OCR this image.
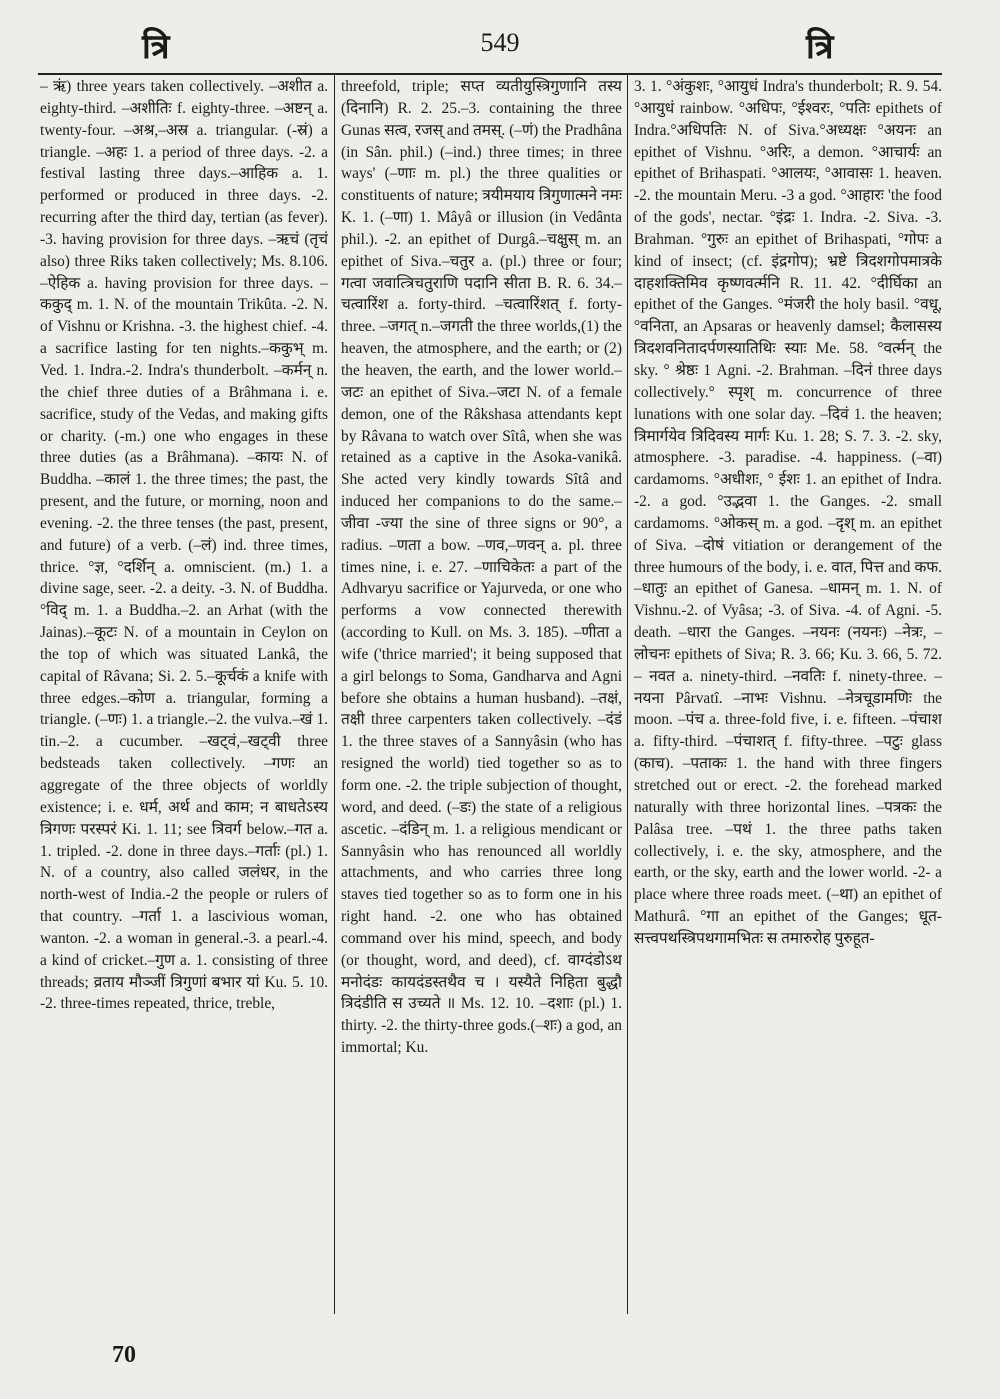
त्रि	549	त्रि

– ऋं) three years taken collectively. –अशीत a. eighty-third. –अशीतिः f. eighty-three. –अष्टन् a. twenty-four. –अश्र,–अस्र a. triangular. (-स्रं) a triangle. –अहः 1. a period of three days. -2. a festival lasting three days.–आहिक a. 1. performed or produced in three days. -2. recurring after the third day, tertian (as fever). -3. having provision for three days. –ऋचं (तृचं also) three Riks taken collectively; Ms. 8.106. –ऐहिक a. having provision for three days. –ककुद् m. 1. N. of the mountain Trikûta. -2. N. of Vishnu or Krishna. -3. the highest chief. -4. a sacrifice lasting for ten nights.–ककुभ् m. Ved. 1. Indra.-2. Indra's thunderbolt. –कर्मन् n. the chief three duties of a Brâhmana i. e. sacrifice, study of the Vedas, and making gifts or charity. (-m.) one who engages in these three duties (as a Brâhmana). –कायः N. of Buddha. –कालं 1. the three times; the past, the present, and the future, or morning, noon and evening. -2. the three tenses (the past, present, and future) of a verb. (–लं) ind. three times, thrice. °ज्ञ, °दर्शिन् a. omniscient. (m.) 1. a divine sage, seer. -2. a deity. -3. N. of Buddha. °विद् m. 1. a Buddha.–2. an Arhat (with the Jainas).–कूटः N. of a mountain in Ceylon on the top of which was situated Lankâ, the capital of Râvana; Si. 2. 5.–कूर्चकं a knife with three edges.–कोण a. triangular, forming a triangle. (–णः) 1. a triangle.–2. the vulva.–खं 1. tin.–2. a cucumber. –खट्वं,–खट्वी three bedsteads taken collectively. –गणः an aggregate of the three objects of worldly existence; i. e. धर्म, अर्थ and काम; न बाधतेऽस्य त्रिगणः परस्परं Ki. 1. 11; see त्रिवर्ग below.–गत a. 1. tripled. -2. done in three days.–गर्ताः (pl.) 1. N. of a country, also called जलंधर, in the north-west of India.-2 the people or rulers of that country. –गर्ता 1. a lascivious woman, wanton. -2. a woman in general.-3. a pearl.-4. a kind of cricket.–गुण a. 1. consisting of three threads; व्रताय मौञ्जीं त्रिगुणां बभार यां Ku. 5. 10. -2. three-times repeated, thrice, treble,

threefold, triple; सप्त व्यतीयुस्त्रिगुणानि तस्य (दिनानि) R. 2. 25.–3. containing the three Gunas सत्व, रजस् and तमस्. (–णं) the Pradhâna (in Sân. phil.) (–ind.) three times; in three ways' (–णाः m. pl.) the three qualities or constituents of nature; त्रयीमयाय त्रिगुणात्मने नमः K. 1. (–णा) 1. Mâyâ or illusion (in Vedânta phil.). -2. an epithet of Durgâ.–चक्षुस् m. an epithet of Siva.–चतुर a. (pl.) three or four; गत्वा जवात्त्रिचतुराणि पदानि सीता B. R. 6. 34.–चत्वारिंश a. forty-third. –चत्वारिंशत् f. forty-three. –जगत् n.–जगती the three worlds,(1) the heaven, the atmosphere, and the earth; or (2) the heaven, the earth, and the lower world.–जटः an epithet of Siva.–जटा N. of a female demon, one of the Râkshasa attendants kept by Râvana to watch over Sîtâ, when she was retained as a captive in the Asoka-vanikâ. She acted very kindly towards Sîtâ and induced her companions to do the same.–जीवा -ज्या the sine of three signs or 90°, a radius. –णता a bow. –णव,–णवन् a. pl. three times nine, i. e. 27. –णाचिकेतः a part of the Adhvaryu sacrifice or Yajurveda, or one who performs a vow connected therewith (according to Kull. on Ms. 3. 185). –णीता a wife ('thrice married'; it being supposed that a girl belongs to Soma, Gandharva and Agni before she obtains a human husband). –तक्षं, तक्षी three carpenters taken collectively. –दंडं 1. the three staves of a Sannyâsin (who has resigned the world) tied together so as to form one. -2. the triple subjection of thought, word, and deed. (–डः) the state of a religious ascetic. –दंडिन् m. 1. a religious mendicant or Sannyâsin who has renounced all worldly attachments, and who carries three long staves tied together so as to form one in his right hand. -2. one who has obtained command over his mind, speech, and body (or thought, word, and deed), cf. वाग्दंडोऽथ मनोदंडः कायदंडस्तथैव च । यस्यैते निहिता बुद्धौ त्रिदंडीति स उच्यते ॥ Ms. 12. 10. –दशाः (pl.) 1. thirty. -2. the thirty-three gods.(–शः) a god, an immortal; Ku.

3. 1. °अंकुशः, °आयुधं Indra's thunderbolt; R. 9. 54. °आयुधं rainbow. °अधिपः, °ईश्वरः, °पतिः epithets of Indra.°अधिपतिः N. of Siva.°अध्यक्षः °अयनः an epithet of Vishnu. °अरिः, a demon. °आचार्यः an epithet of Brihaspati. °आलयः, °आवासः 1. heaven. -2. the mountain Meru. -3 a god. °आहारः 'the food of the gods', nectar. °इंद्रः 1. Indra. -2. Siva. -3. Brahman. °गुरुः an epithet of Brihaspati, °गोपः a kind of insect; (cf. इंद्रगोप); भ्रष्टे त्रिदशगोपमात्रके दाहशक्तिमिव कृष्णवर्त्मनि R. 11. 42. °दीर्घिका an epithet of the Ganges. °मंजरी the holy basil. °वधू, °वनिता, an Apsaras or heavenly damsel; कैलासस्य त्रिदशवनितादर्पणस्यातिथिः स्याः Me. 58. °वर्त्मन् the sky. ° श्रेष्ठः 1 Agni. -2. Brahman. –दिनं three days collectively.° स्पृश् m. concurrence of three lunations with one solar day. –दिवं 1. the heaven; त्रिमार्गयेव त्रिदिवस्य मार्गः Ku. 1. 28; S. 7. 3. -2. sky, atmosphere. -3. paradise. -4. happiness. (–वा) cardamoms. °अधीशः, ° ईशः 1. an epithet of Indra. -2. a god. °उद्भवा 1. the Ganges. -2. small cardamoms. °ओकस् m. a god. –दृश् m. an epithet of Siva. –दोषं vitiation or derangement of the three humours of the body, i. e. वात, पित्त and कफ. –धातुः an epithet of Ganesa. –धामन् m. 1. N. of Vishnu.-2. of Vyâsa; -3. of Siva. -4. of Agni. -5. death. –धारा the Ganges. –नयनः (नयनः) –नेत्रः, –लोचनः epithets of Siva; R. 3. 66; Ku. 3. 66, 5. 72. – नवत a. ninety-third. –नवतिः f. ninety-three. –नयना Pârvatî. –नाभः Vishnu. –नेत्रचूडामणिः the moon. –पंच a. three-fold five, i. e. fifteen. –पंचाश a. fifty-third. –पंचाशत् f. fifty-three. –पटुः glass (काच). –पताकः 1. the hand with three fingers stretched out or erect. -2. the forehead marked naturally with three horizontal lines. –पत्रकः the Palâsa tree. –पथं 1. the three paths taken collectively, i. e. the sky, atmosphere, and the earth, or the sky, earth and the lower world. -2- a place where three roads meet. (–था) an epithet of Mathurâ. °गा an epithet of the Ganges; धूत-सत्त्वपथस्त्रिपथगामभितः स तमारुरोह पुरुहूत-

70
